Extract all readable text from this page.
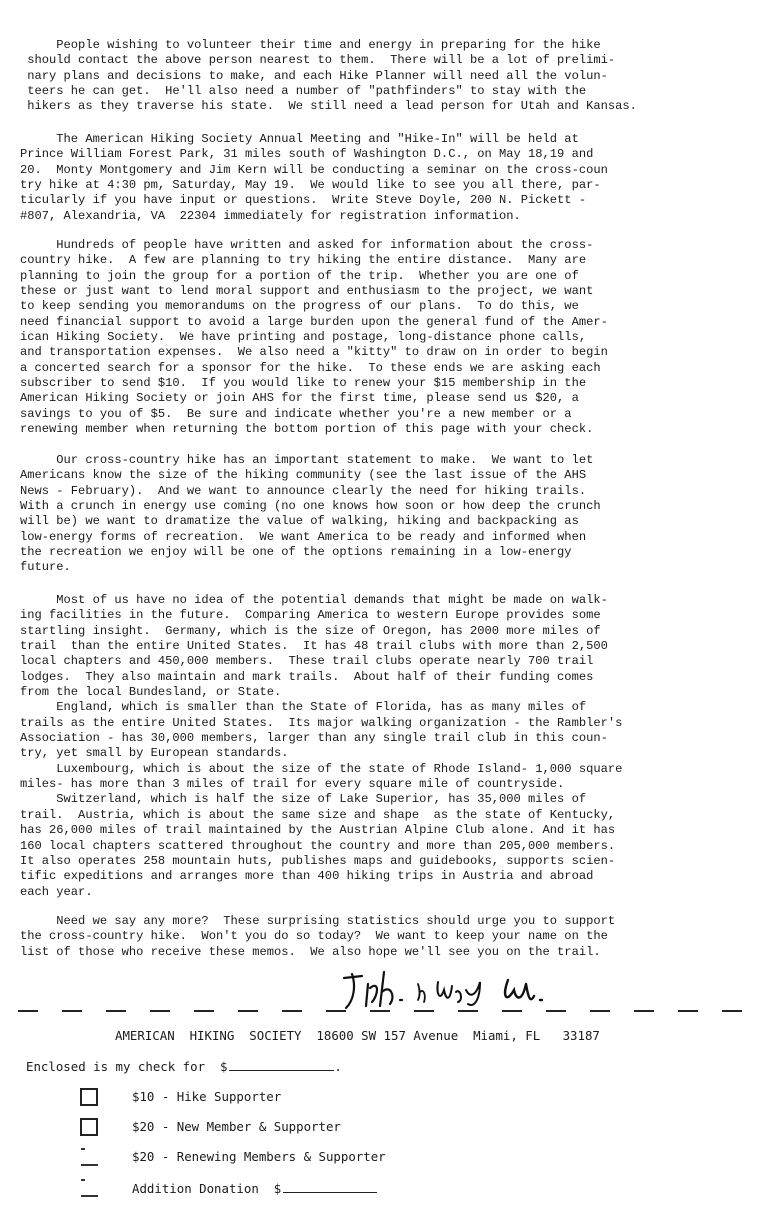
People wishing to volunteer their time and energy in preparing for the hike
should contact the above person nearest to them.  There will be a lot of prelimi-
nary plans and decisions to make, and each Hike Planner will need all the volun-
teers he can get.  He'll also need a number of "pathfinders" to stay with the
hikers as they traverse his state.  We still need a lead person for Utah and Kansas.
The American Hiking Society Annual Meeting and "Hike-In" will be held at
Prince William Forest Park, 31 miles south of Washington D.C., on May 18,19 and
20.  Monty Montgomery and Jim Kern will be conducting a seminar on the cross-coun
try hike at 4:30 pm, Saturday, May 19.  We would like to see you all there, par-
ticularly if you have input or questions.  Write Steve Doyle, 200 N. Pickett -
#807, Alexandria, VA  22304 immediately for registration information.
Hundreds of people have written and asked for information about the cross-
country hike.  A few are planning to try hiking the entire distance.  Many are
planning to join the group for a portion of the trip.  Whether you are one of
these or just want to lend moral support and enthusiasm to the project, we want
to keep sending you memorandums on the progress of our plans.  To do this, we
need financial support to avoid a large burden upon the general fund of the Amer-
ican Hiking Society.  We have printing and postage, long-distance phone calls,
and transportation expenses.  We also need a "kitty" to draw on in order to begin
a concerted search for a sponsor for the hike.  To these ends we are asking each
subscriber to send $10.  If you would like to renew your $15 membership in the
American Hiking Society or join AHS for the first time, please send us $20, a
savings to you of $5.  Be sure and indicate whether you're a new member or a
renewing member when returning the bottom portion of this page with your check.
Our cross-country hike has an important statement to make.  We want to let
Americans know the size of the hiking community (see the last issue of the AHS
News - February).  And we want to announce clearly the need for hiking trails.
With a crunch in energy use coming (no one knows how soon or how deep the crunch
will be) we want to dramatize the value of walking, hiking and backpacking as
low-energy forms of recreation.  We want America to be ready and informed when
the recreation we enjoy will be one of the options remaining in a low-energy
future.
Most of us have no idea of the potential demands that might be made on walk-
ing facilities in the future.  Comparing America to western Europe provides some
startling insight.  Germany, which is the size of Oregon, has 2000 more miles of
trail  than the entire United States.  It has 48 trail clubs with more than 2,500
local chapters and 450,000 members.  These trail clubs operate nearly 700 trail
lodges.  They also maintain and mark trails.  About half of their funding comes
from the local Bundesland, or State.
England, which is smaller than the State of Florida, has as many miles of
trails as the entire United States.  Its major walking organization - the Rambler's
Association - has 30,000 members, larger than any single trail club in this coun-
try, yet small by European standards.
Luxembourg, which is about the size of the state of Rhode Island- 1,000 square
miles- has more than 3 miles of trail for every square mile of countryside.
Switzerland, which is half the size of Lake Superior, has 35,000 miles of
trail.  Austria, which is about the same size and shape  as the state of Kentucky,
has 26,000 miles of trail maintained by the Austrian Alpine Club alone. And it has
160 local chapters scattered throughout the country and more than 205,000 members.
It also operates 258 mountain huts, publishes maps and guidebooks, supports scien-
tific expeditions and arranges more than 400 hiking trips in Austria and abroad
each year.
Need we say any more?  These surprising statistics should urge you to support
the cross-country hike.  Won't you do so today?  We want to keep your name on the
list of those who receive these memos.  We also hope we'll see you on the trail.
AMERICAN  HIKING  SOCIETY  18600 SW 157 Avenue  Miami, FL   33187
Enclosed is my check for  $	.

$10 - Hike Supporter

$20 - New Member & Supporter

$20 - Renewing Members & Supporter

Addition Donation  $
